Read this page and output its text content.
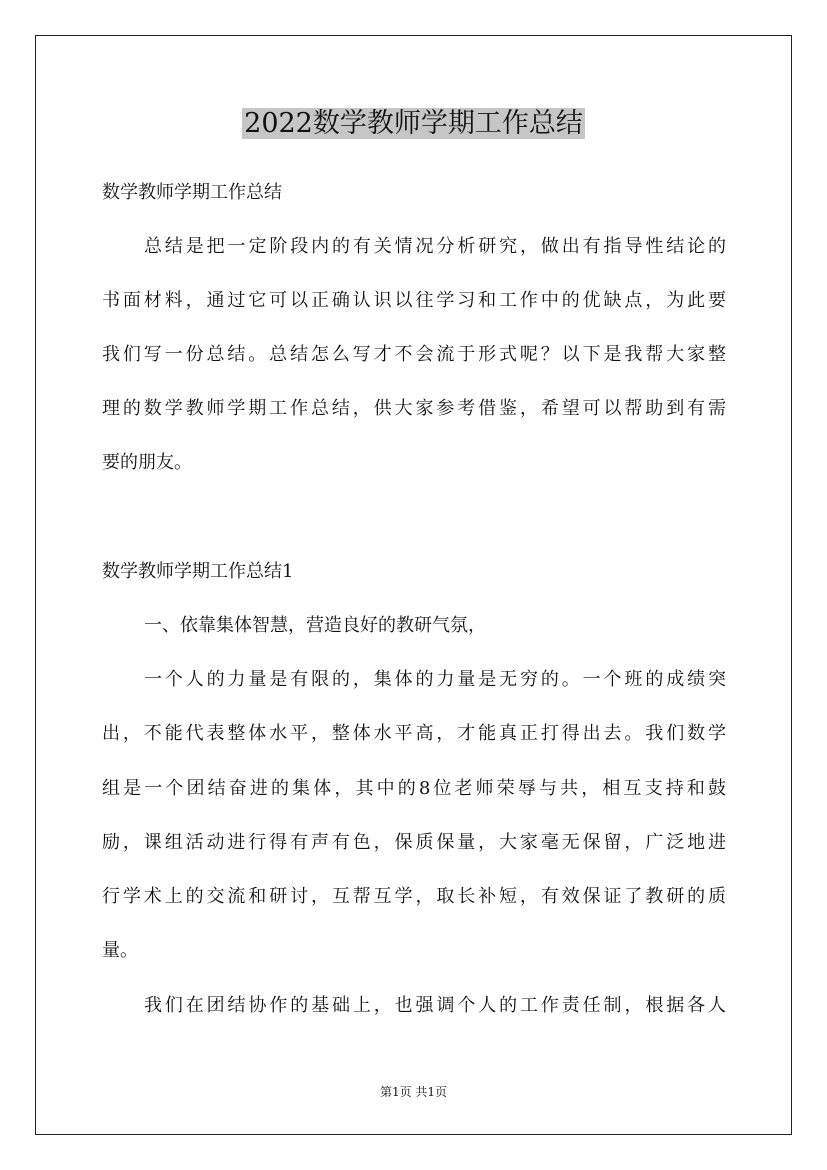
2022数学教师学期工作总结
数学教师学期工作总结
总结是把一定阶段内的有关情况分析研究，做出有指导性结论的
书面材料，通过它可以正确认识以往学习和工作中的优缺点，为此要
我们写一份总结。总结怎么写才不会流于形式呢？以下是我帮大家整
理的数学教师学期工作总结，供大家参考借鉴，希望可以帮助到有需
要的朋友。
数学教师学期工作总结1
一、依靠集体智慧，营造良好的教研气氛，
一个人的力量是有限的，集体的力量是无穷的。一个班的成绩突
出，不能代表整体水平，整体水平高，才能真正打得出去。我们数学
组是一个团结奋进的集体，其中的8位老师荣辱与共，相互支持和鼓
励，课组活动进行得有声有色，保质保量，大家毫无保留，广泛地进
行学术上的交流和研讨，互帮互学，取长补短，有效保证了教研的质
量。
我们在团结协作的基础上，也强调个人的工作责任制，根据各人
第1页 共1页
